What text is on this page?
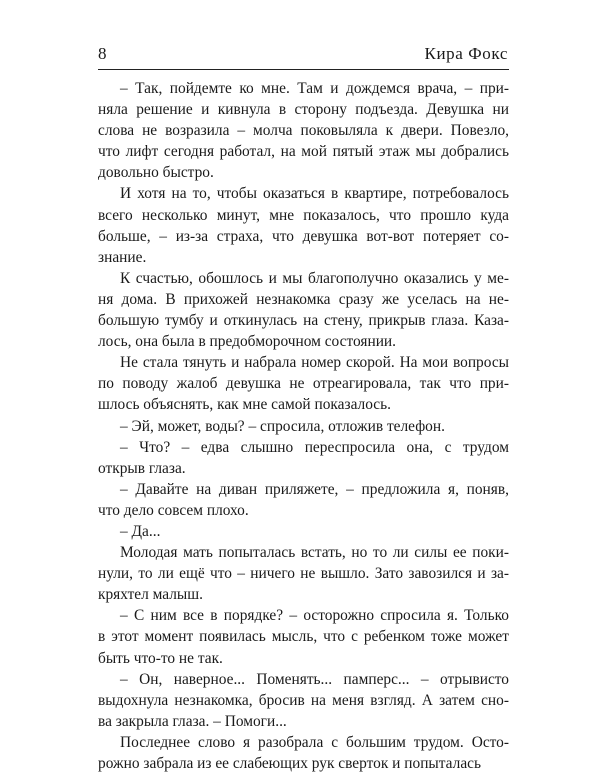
8	Кира Фокс
– Так, пойдемте ко мне. Там и дождемся врача, – при-
няла решение и кивнула в сторону подъезда. Девушка ни
слова не возразила – молча поковыляла к двери. Повезло,
что лифт сегодня работал, на мой пятый этаж мы добрались
довольно быстро.
И хотя на то, чтобы оказаться в квартире, потребовалось
всего несколько минут, мне показалось, что прошло куда
больше, – из-за страха, что девушка вот-вот потеряет со-
знание.
К счастью, обошлось и мы благополучно оказались у ме-
ня дома. В прихожей незнакомка сразу же уселась на не-
большую тумбу и откинулась на стену, прикрыв глаза. Каза-
лось, она была в предобморочном состоянии.
Не стала тянуть и набрала номер скорой. На мои вопросы
по поводу жалоб девушка не отреагировала, так что при-
шлось объяснять, как мне самой показалось.
– Эй, может, воды? – спросила, отложив телефон.
– Что? – едва слышно переспросила она, с трудом
открыв глаза.
– Давайте на диван приляжете, – предложила я, поняв,
что дело совсем плохо.
– Да...
Молодая мать попыталась встать, но то ли силы ее поки-
нули, то ли ещё что – ничего не вышло. Зато завозился и за-
кряхтел малыш.
– С ним все в порядке? – осторожно спросила я. Только
в этот момент появилась мысль, что с ребенком тоже может
быть что-то не так.
– Он, наверное... Поменять... памперс... – отрывисто
выдохнула незнакомка, бросив на меня взгляд. А затем сно-
ва закрыла глаза. – Помоги...
Последнее слово я разобрала с большим трудом. Осто-
рожно забрала из ее слабеющих рук сверток и попыталась
